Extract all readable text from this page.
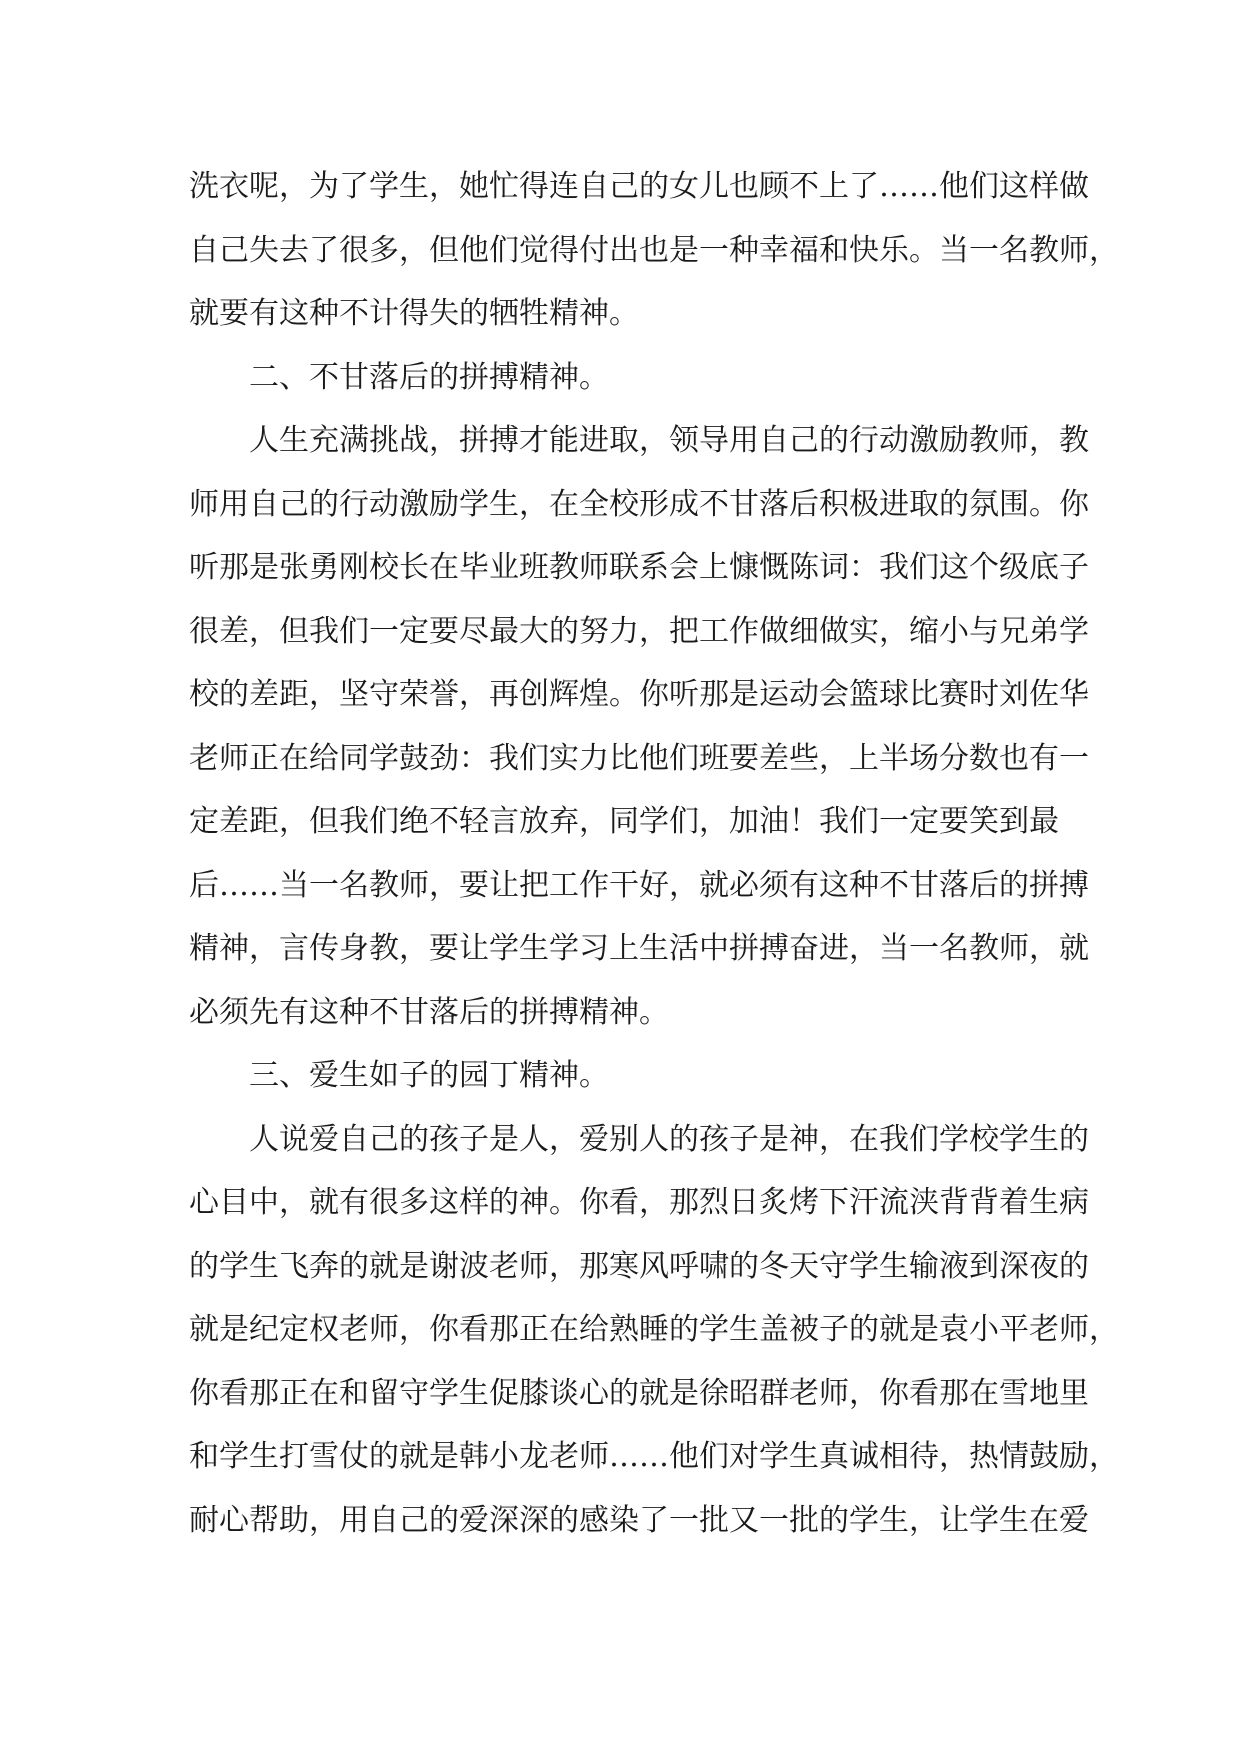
洗衣呢，为了学生，她忙得连自己的女儿也顾不上了……他们这样做
自己失去了很多，但他们觉得付出也是一种幸福和快乐。当一名教师，
就要有这种不计得失的牺牲精神。
二、不甘落后的拼搏精神。
人生充满挑战，拼搏才能进取，领导用自己的行动激励教师，教
师用自己的行动激励学生，在全校形成不甘落后积极进取的氛围。你
听那是张勇刚校长在毕业班教师联系会上慷慨陈词：我们这个级底子
很差，但我们一定要尽最大的努力，把工作做细做实，缩小与兄弟学
校的差距，坚守荣誉，再创辉煌。你听那是运动会篮球比赛时刘佐华
老师正在给同学鼓劲：我们实力比他们班要差些，上半场分数也有一
定差距，但我们绝不轻言放弃，同学们，加油！我们一定要笑到最
后……当一名教师，要让把工作干好，就必须有这种不甘落后的拼搏
精神，言传身教，要让学生学习上生活中拼搏奋进，当一名教师，就
必须先有这种不甘落后的拼搏精神。
三、爱生如子的园丁精神。
人说爱自己的孩子是人，爱别人的孩子是神，在我们学校学生的
心目中，就有很多这样的神。你看，那烈日炙烤下汗流浃背背着生病
的学生飞奔的就是谢波老师，那寒风呼啸的冬天守学生输液到深夜的
就是纪定权老师，你看那正在给熟睡的学生盖被子的就是袁小平老师，
你看那正在和留守学生促膝谈心的就是徐昭群老师，你看那在雪地里
和学生打雪仗的就是韩小龙老师……他们对学生真诚相待，热情鼓励，
耐心帮助，用自己的爱深深的感染了一批又一批的学生，让学生在爱
